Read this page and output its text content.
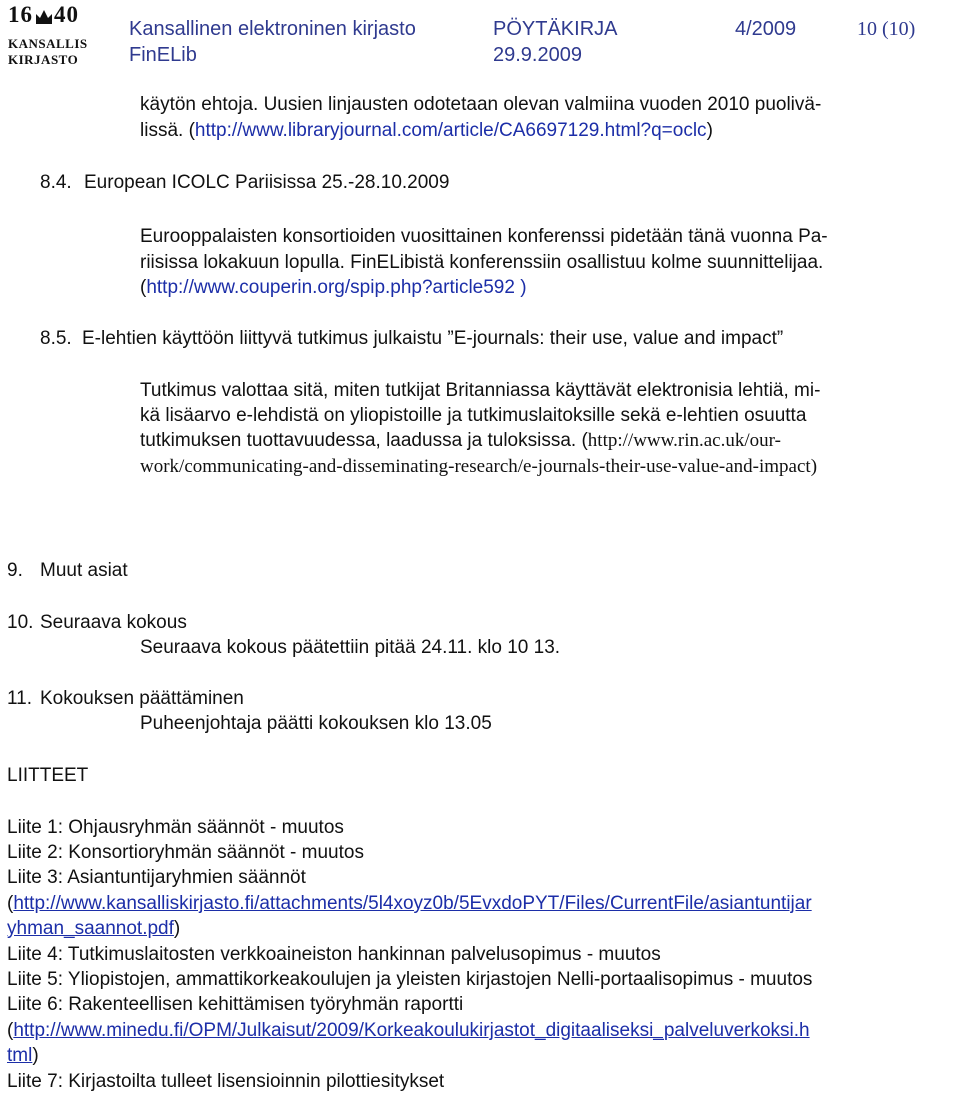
16 40
KANSALLIS
KIRJASTO
Kansallinen elektroninen kirjasto	PÖYTÄKIRJA	4/2009	10 (10)
FinELib	29.9.2009
käytön ehtoja. Uusien linjausten odotetaan olevan valmiina vuoden 2010 puolivä-
lissä. (http://www.libraryjournal.com/article/CA6697129.html?q=oclc)
8.4. European ICOLC Pariisissa 25.-28.10.2009
Eurooppalaisten konsortioiden vuosittainen konferenssi pidetään tänä vuonna Pa-
riisissa lokakuun lopulla. FinELibistä konferenssiin osallistuu kolme suunnittelijaa.
(http://www.couperin.org/spip.php?article592 )
8.5. E-lehtien käyttöön liittyvä tutkimus julkaistu ”E-journals: their use, value and impact”
Tutkimus valottaa sitä, miten tutkijat Britanniassa käyttävät elektronisia lehtiä, mi-
kä lisäarvo e-lehdistä on yliopistoille ja tutkimuslaitoksille sekä e-lehtien osuutta
tutkimuksen tuottavuudessa, laadussa ja tuloksissa. (http://www.rin.ac.uk/our-
work/communicating-and-disseminating-research/e-journals-their-use-value-and-impact)
9. Muut asiat
10. Seuraava kokous
Seuraava kokous päätettiin pitää 24.11. klo 10 13.
11. Kokouksen päättäminen
Puheenjohtaja päätti kokouksen klo 13.05
LIITTEET
Liite 1: Ohjausryhmän säännöt - muutos
Liite 2: Konsortioryhmän säännöt - muutos
Liite 3: Asiantuntijaryhmien säännöt
(http://www.kansalliskirjasto.fi/attachments/5l4xoyz0b/5EvxdoPYT/Files/CurrentFile/asiantuntijar
yhman_saannot.pdf)
Liite 4: Tutkimuslaitosten verkkoaineiston hankinnan palvelusopimus - muutos
Liite 5: Yliopistojen, ammattikorkeakoulujen ja yleisten kirjastojen Nelli-portaalisopimus - muutos
Liite 6: Rakenteellisen kehittämisen työryhmän raportti
(http://www.minedu.fi/OPM/Julkaisut/2009/Korkeakoulukirjastot_digitaaliseksi_palveluverkoksi.h
tml)
Liite 7: Kirjastoilta tulleet lisensioinnin pilottiesitykset
